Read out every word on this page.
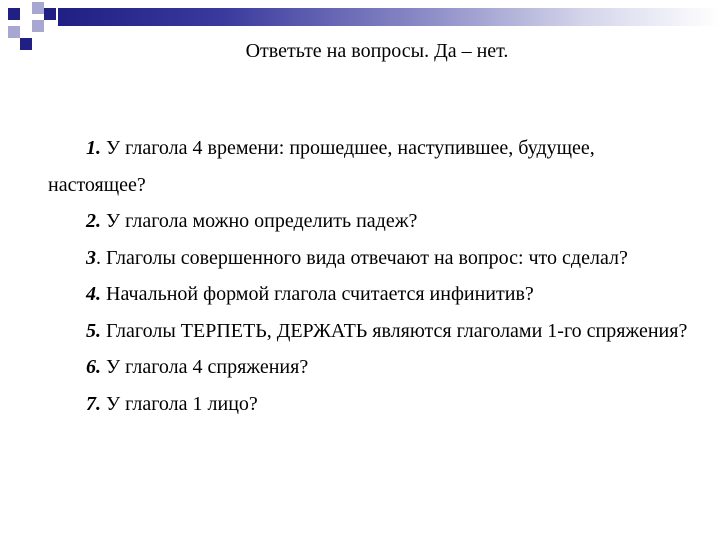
Ответьте на вопросы. Да – нет.
1. У глагола 4 времени: прошедшее, наступившее, будущее, настоящее?
2. У глагола можно определить падеж?
3. Глаголы совершенного вида отвечают на вопрос: что сделал?
4. Начальной формой глагола считается инфинитив?
5. Глаголы ТЕРПЕТЬ, ДЕРЖАТЬ являются глаголами 1-го спряжения?
6. У глагола 4 спряжения?
7. У глагола 1 лицо?
